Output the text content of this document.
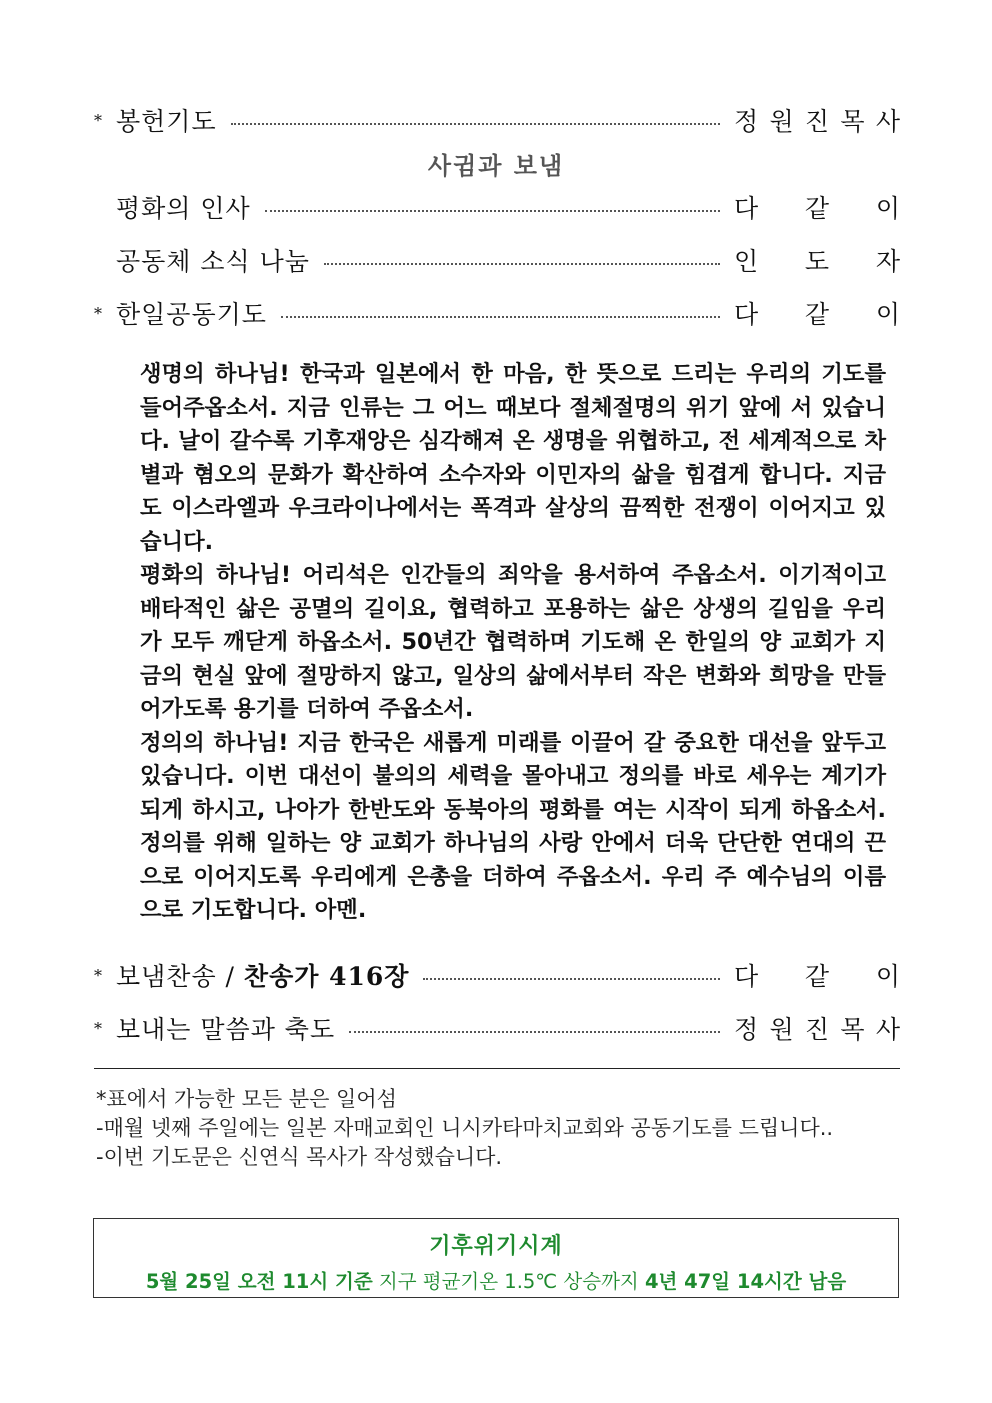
* 봉헌기도	정 원 진 목 사
사귐과 보냄
평화의 인사	다 같 이
공동체 소식 나눔	인 도 자
* 한일공동기도	다 같 이

생명의 하나님! 한국과 일본에서 한 마음, 한 뜻으로 드리는 우리의 기도를 들어주옵소서. 지금 인류는 그 어느 때보다 절체절명의 위기 앞에 서 있습니다. 날이 갈수록 기후재앙은 심각해져 온 생명을 위협하고, 전 세계적으로 차별과 혐오의 문화가 확산하여 소수자와 이민자의 삶을 힘겹게 합니다. 지금도 이스라엘과 우크라이나에서는 폭격과 살상의 끔찍한 전쟁이 이어지고 있습니다.

평화의 하나님! 어리석은 인간들의 죄악을 용서하여 주옵소서. 이기적이고 배타적인 삶은 공멸의 길이요, 협력하고 포용하는 삶은 상생의 길임을 우리가 모두 깨닫게 하옵소서. 50년간 협력하며 기도해 온 한일의 양 교회가 지금의 현실 앞에 절망하지 않고, 일상의 삶에서부터 작은 변화와 희망을 만들어가도록 용기를 더하여 주옵소서.

정의의 하나님! 지금 한국은 새롭게 미래를 이끌어 갈 중요한 대선을 앞두고 있습니다. 이번 대선이 불의의 세력을 몰아내고 정의를 바로 세우는 계기가 되게 하시고, 나아가 한반도와 동북아의 평화를 여는 시작이 되게 하옵소서. 정의를 위해 일하는 양 교회가 하나님의 사랑 안에서 더욱 단단한 연대의 끈으로 이어지도록 우리에게 은총을 더하여 주옵소서. 우리 주 예수님의 이름으로 기도합니다. 아멘.

* 보냄찬송 / 찬송가 416장	다 같 이
* 보내는 말씀과 축도	정 원 진 목 사
*표에서 가능한 모든 분은 일어섬
-매월 넷째 주일에는 일본 자매교회인 니시카타마치교회와 공동기도를 드립니다..
-이번 기도문은 신연식 목사가 작성했습니다.
기후위기시계
5월 25일 오전 11시 기준 지구 평균기온 1.5℃ 상승까지 4년 47일 14시간 남음
